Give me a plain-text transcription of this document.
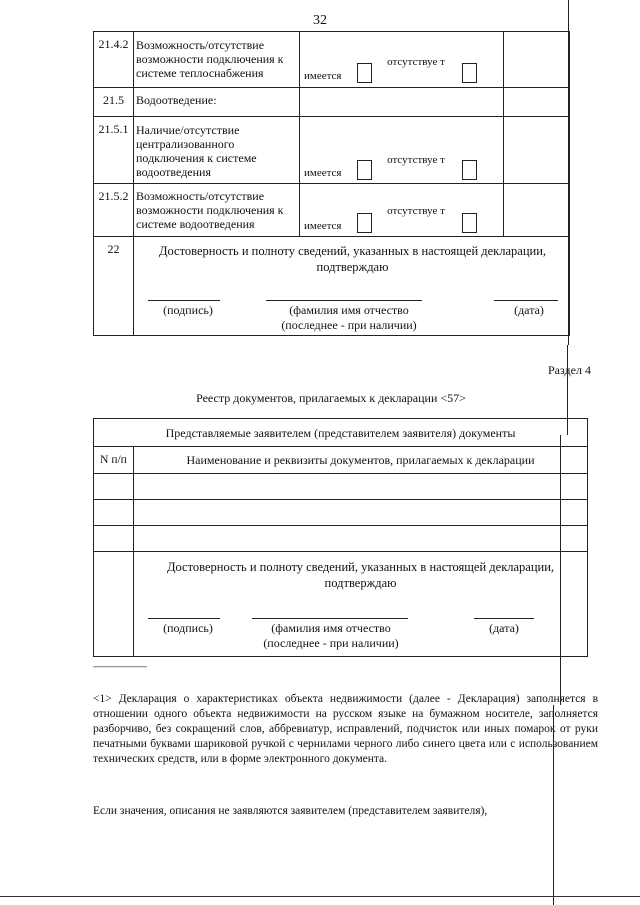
32
21.4.2	Возможность/отсутствие возможности подключения к системе теплоснабжения	имеется
отсутствуе т	

21.5	Водоотведение:		
21.5.1	Наличие/отсутствие централизованного подключения к системе водоотведения	имеется
отсутствуе т	

21.5.2	Возможность/отсутствие возможности подключения к системе водоотведения	имеется
отсутствуе т	

22	Достоверность и полноту сведений, указанных в настоящей декларации, подтверждаю
(подпись) (фамилия имя отчество
(последнее - при наличии)
(дата)		
Раздел 4
Реестр документов, прилагаемых к декларации <57>
Представляемые заявителем (представителем заявителя) документы	
N п/п	Наименование и реквизиты документов, прилагаемых к декларации

	Достоверность и полноту сведений, указанных в настоящей декларации, подтверждаю
(подпись) (фамилия имя отчество
(последнее - при наличии)
(дата)
--------------------------------
<1> Декларация о характеристиках объекта недвижимости (далее - Декларация) заполняется в отношении одного объекта недвижимости на русском языке на бумажном носителе, заполняется разборчиво, без сокращений слов, аббревиатур, исправлений, подчисток или иных помарок от руки печатными буквами шариковой ручкой с чернилами черного либо синего цвета или с использованием технических средств, или в форме электронного документа.
Если значения, описания не заявляются заявителем (представителем заявителя),
